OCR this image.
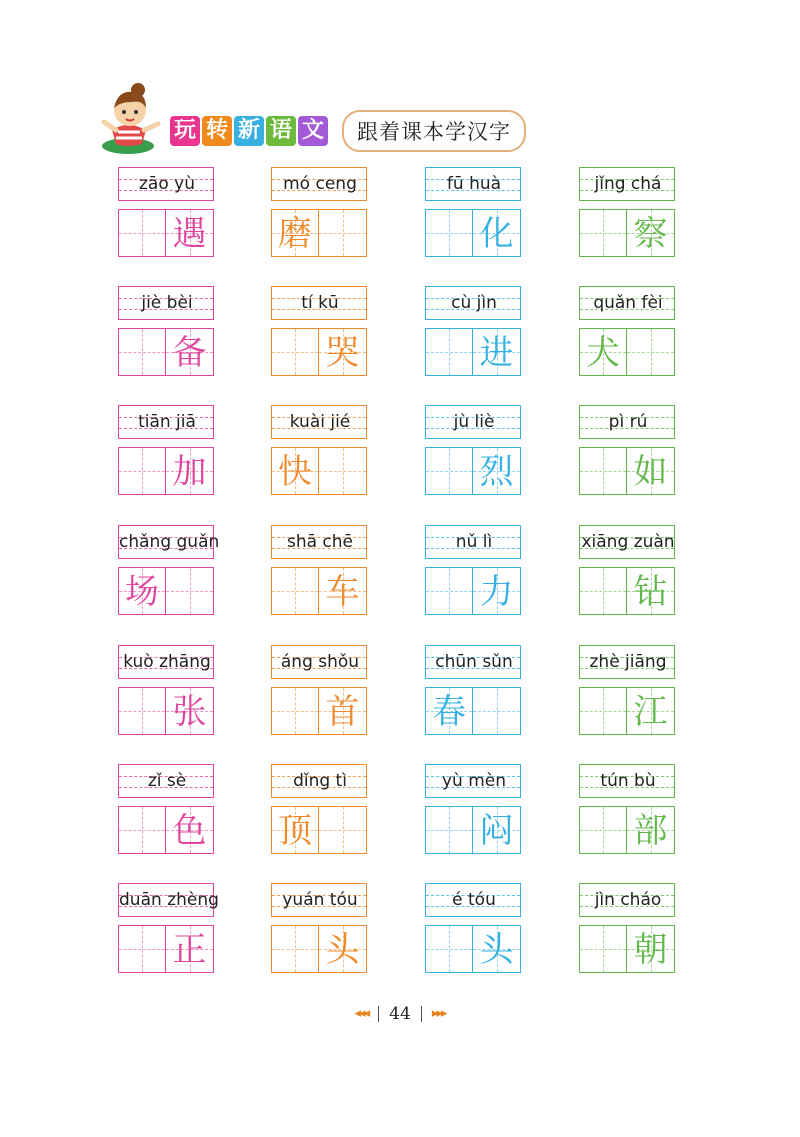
玩 转 新 语 文	跟着课本学汉字
zāo yù
遇
mó ceng
磨
fū huà
化
jǐng chá
察
jiè bèi
备
tí kū
哭
cù jìn
进
quǎn fèi
犬
tiān jiā
加
kuài jié
快
jù liè
烈
pì rú
如
chǎng guǎn
场
shā chē
车
nǔ lì
力
xiāng zuàn
钻
kuò zhāng
张
áng shǒu
首
chūn sǔn
春
zhè jiāng
江
zǐ sè
色
dǐng tì
顶
yù mèn
闷
tún bù
部
duān zhèng
正
yuán tóu
头
é tóu
头
jìn cháo
朝
◂◂◂ 44 ▸▸▸
